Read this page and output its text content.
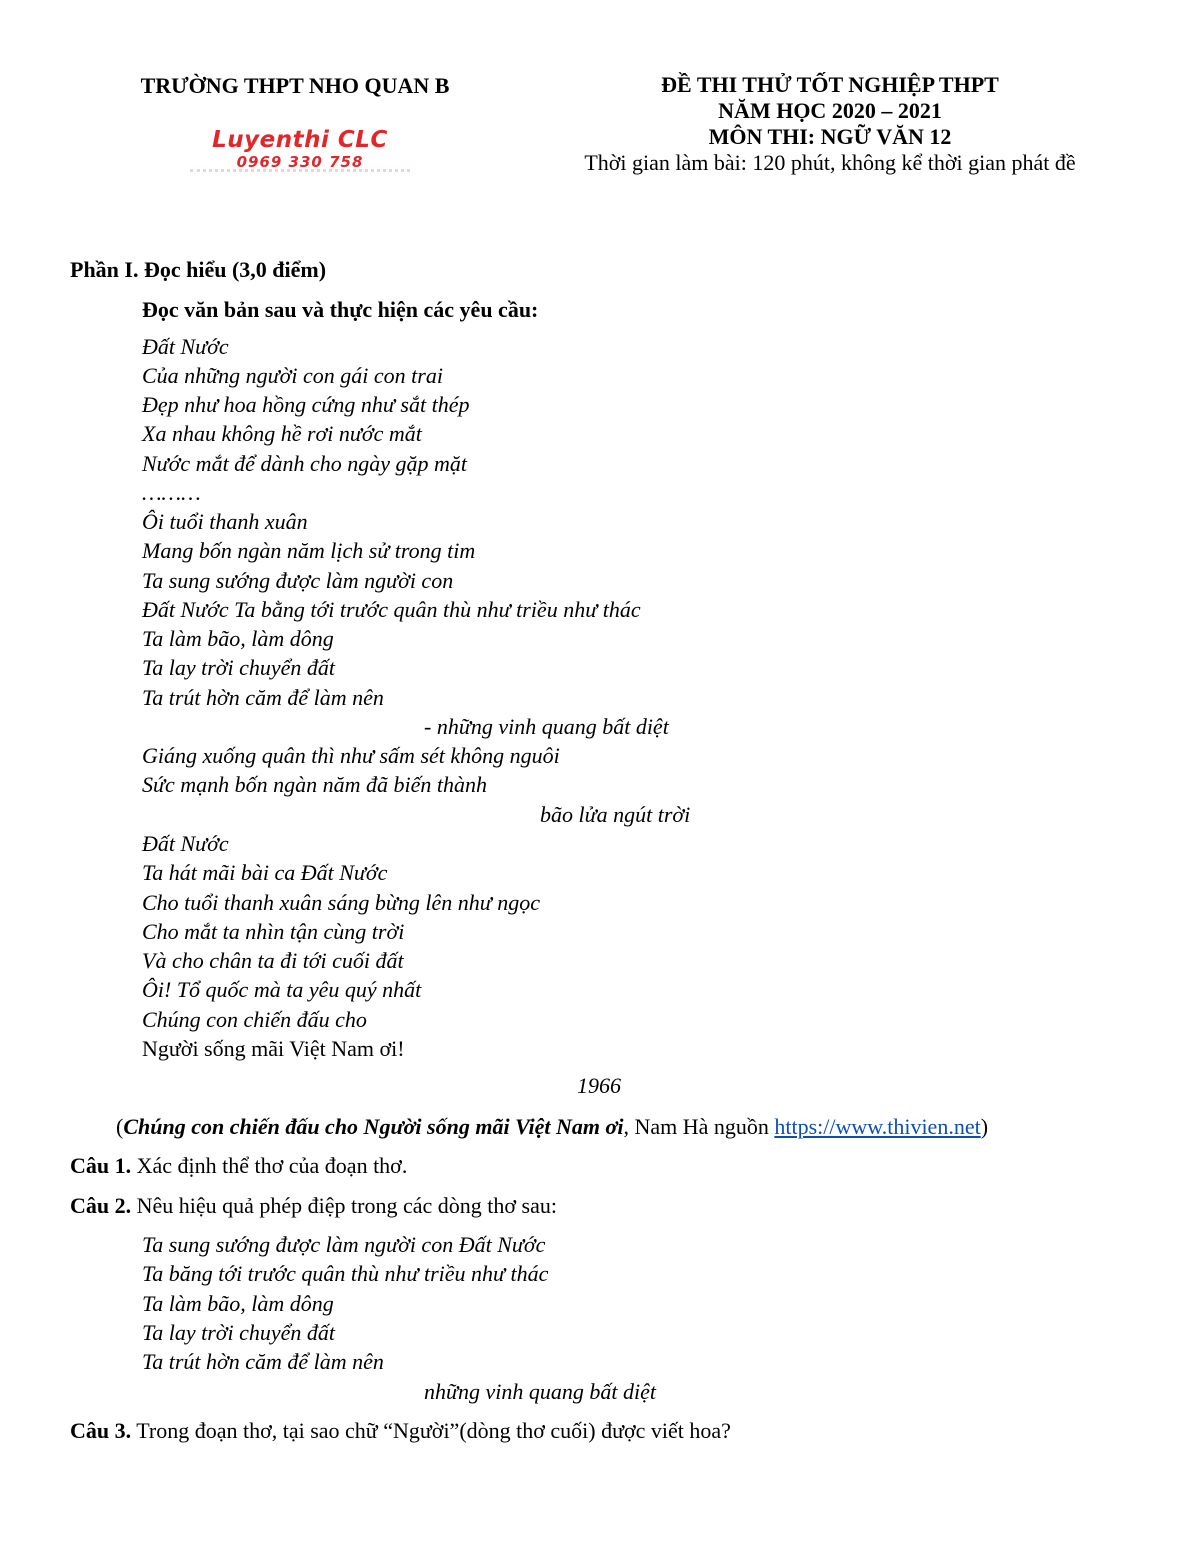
TRƯỜNG THPT NHO QUAN B
Luyenthi CLC
0969 330 758
ĐỀ THI THỬ TỐT NGHIỆP THPT
NĂM HỌC 2020 – 2021
MÔN THI: NGỮ VĂN 12
Thời gian làm bài: 120 phút, không kể thời gian phát đề
Phần I. Đọc hiểu (3,0 điểm)
Đọc văn bản sau và thực hiện các yêu cầu:
Đất Nước
Của những người con gái con trai
Đẹp như hoa hồng cứng như sắt thép
Xa nhau không hề rơi nước mắt
Nước mắt để dành cho ngày gặp mặt
………
Ôi tuổi thanh xuân
Mang bốn ngàn năm lịch sử trong tim
Ta sung sướng được làm người con
Đất Nước Ta bằng tới trước quân thù như triều như thác
Ta làm bão, làm dông
Ta lay trời chuyển đất
Ta trút hờn căm để làm nên
- những vinh quang bất diệt
Giáng xuống quân thì như sấm sét không nguôi
Sức mạnh bốn ngàn năm đã biến thành
bão lửa ngút trời
Đất Nước
Ta hát mãi bài ca Đất Nước
Cho tuổi thanh xuân sáng bừng lên như ngọc
Cho mắt ta nhìn tận cùng trời
Và cho chân ta đi tới cuối đất
Ôi! Tổ quốc mà ta yêu quý nhất
Chúng con chiến đấu cho
Người sống mãi Việt Nam ơi!
1966
(Chúng con chiến đấu cho Người sống mãi Việt Nam ơi, Nam Hà nguồn https://www.thivien.net)
Câu 1. Xác định thể thơ của đoạn thơ.
Câu 2. Nêu hiệu quả phép điệp trong các dòng thơ sau:
Ta sung sướng được làm người con Đất Nước
Ta băng tới trước quân thù như triều như thác
Ta làm bão, làm dông
Ta lay trời chuyển đất
Ta trút hờn căm để làm nên
những vinh quang bất diệt
Câu 3. Trong đoạn thơ, tại sao chữ “Người”(dòng thơ cuối) được viết hoa?
